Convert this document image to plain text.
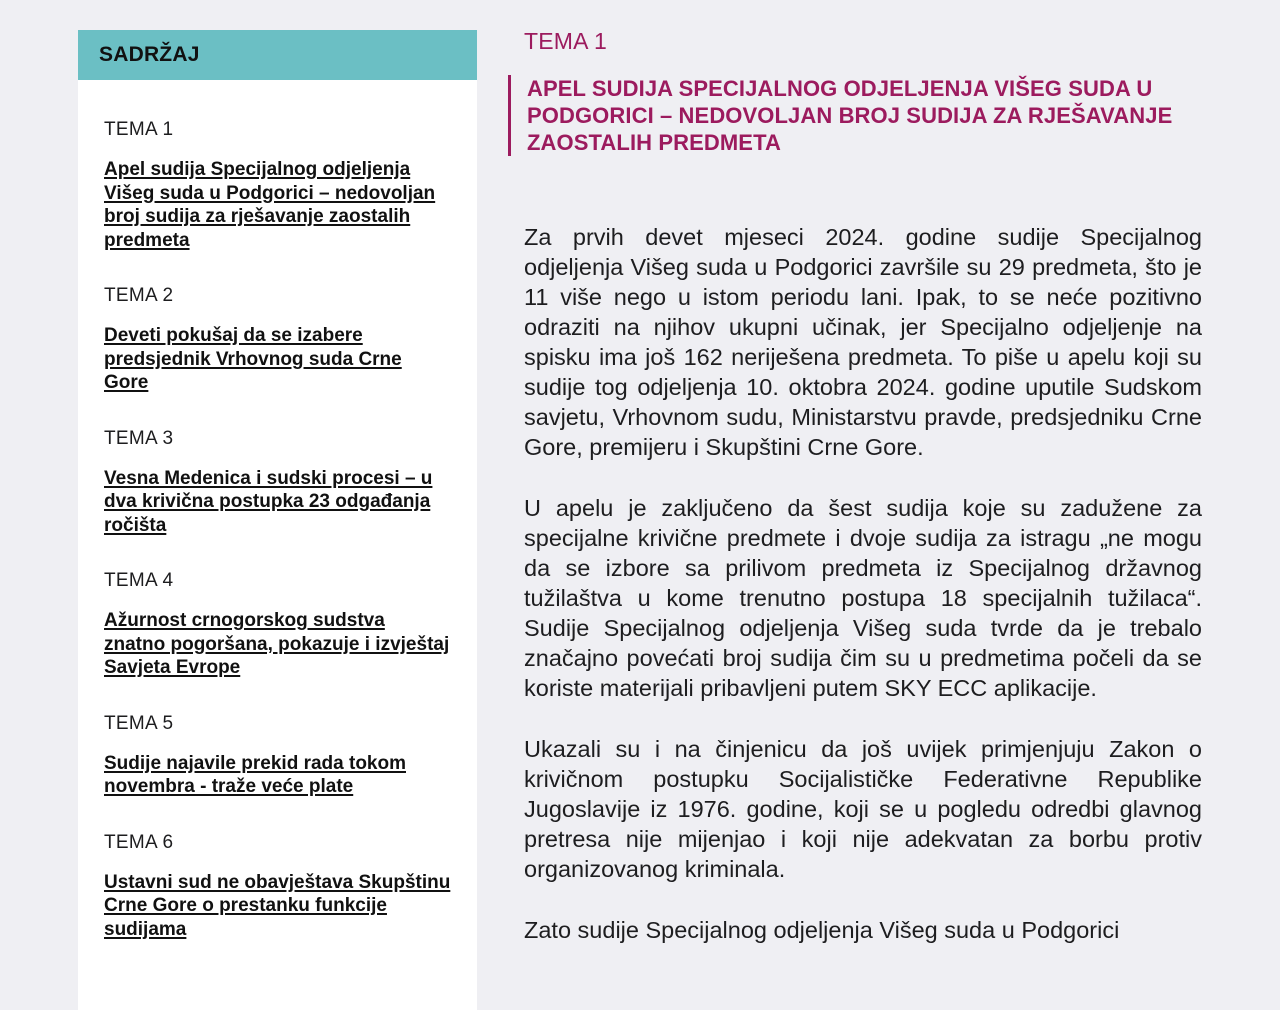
SADRŽAJ
TEMA 1
Apel sudija Specijalnog odjeljenja Višeg suda u Podgorici – nedovoljan broj sudija za rješavanje zaostalih predmeta
TEMA 2
Deveti pokušaj da se izabere predsjednik Vrhovnog suda Crne Gore
TEMA 3
Vesna Medenica i sudski procesi – u dva krivična postupka 23 odgađanja ročišta
TEMA 4
Ažurnost crnogorskog sudstva znatno pogoršana, pokazuje i izvještaj Savjeta Evrope
TEMA 5
Sudije najavile prekid rada tokom novembra - traže veće plate
TEMA 6
Ustavni sud ne obavještava Skupštinu Crne Gore o prestanku funkcije sudijama
TEMA 1
APEL SUDIJA SPECIJALNOG ODJELJENJA VIŠEG SUDA U PODGORICI – NEDOVOLJAN BROJ SUDIJA ZA RJEŠAVANJE ZAOSTALIH PREDMETA

Za prvih devet mjeseci 2024. godine sudije Specijalnog odjeljenja Višeg suda u Podgorici završile su 29 predmeta, što je 11 više nego u istom periodu lani. Ipak, to se neće pozitivno odraziti na njihov ukupni učinak, jer Specijalno odjeljenje na spisku ima još 162 neriješena predmeta. To piše u apelu koji su sudije tog odjeljenja 10. oktobra 2024. godine uputile Sudskom savjetu, Vrhovnom sudu, Ministarstvu pravde, predsjedniku Crne Gore, premijeru i Skupštini Crne Gore.

U apelu je zaključeno da šest sudija koje su zadužene za specijalne krivične predmete i dvoje sudija za istragu „ne mogu da se izbore sa prilivom predmeta iz Specijalnog državnog tužilaštva u kome trenutno postupa 18 specijalnih tužilaca“. Sudije Specijalnog odjeljenja Višeg suda tvrde da je trebalo značajno povećati broj sudija čim su u predmetima počeli da se koriste materijali pribavljeni putem SKY ECC aplikacije.

Ukazali su i na činjenicu da još uvijek primjenjuju Zakon o krivičnom postupku Socijalističke Federativne Republike Jugoslavije iz 1976. godine, koji se u pogledu odredbi glavnog pretresa nije mijenjao i koji nije adekvatan za borbu protiv organizovanog kriminala.

Zato sudije Specijalnog odjeljenja Višeg suda u Podgorici
